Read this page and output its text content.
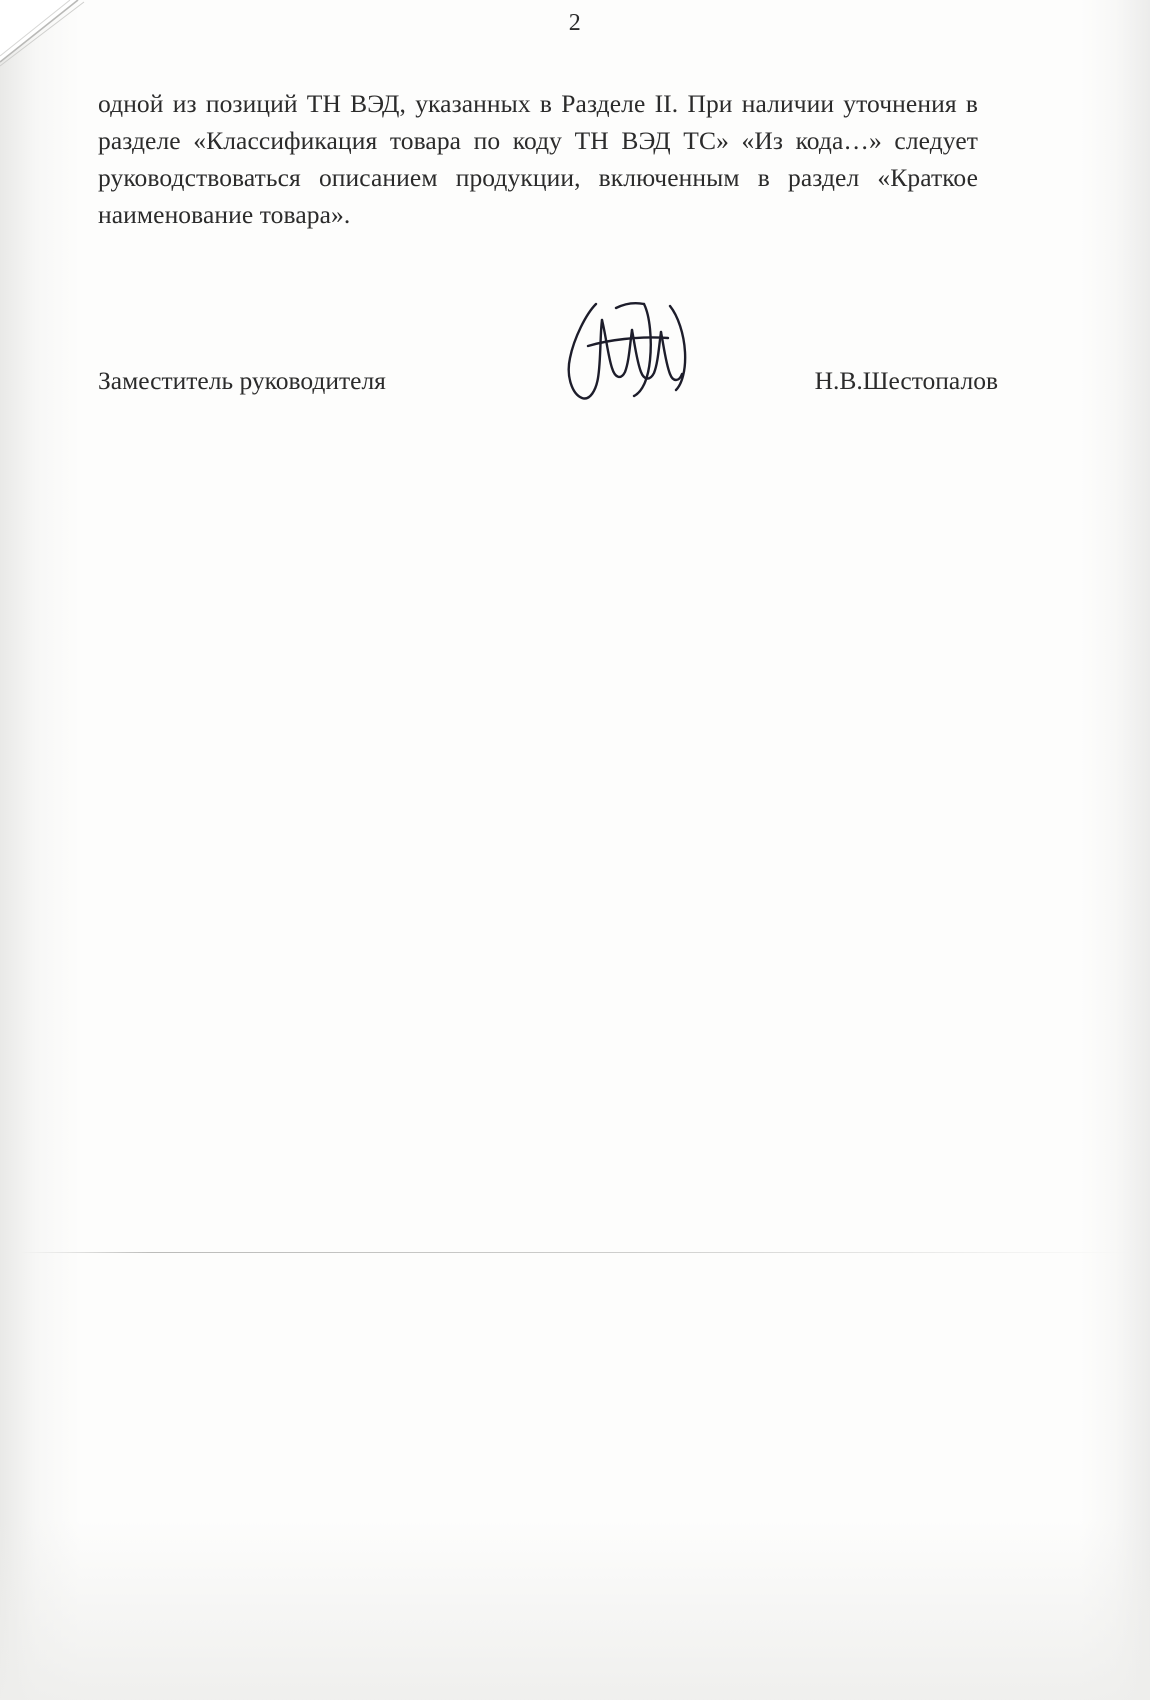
2

одной из позиций ТН ВЭД, указанных в Разделе II. При наличии уточнения в разделе «Классификация товара по коду ТН ВЭД ТС» «Из кода…» следует руководствоваться описанием продукции, включенным в раздел «Краткое наименование товара».

Заместитель руководителя	Н.В.Шестопалов
